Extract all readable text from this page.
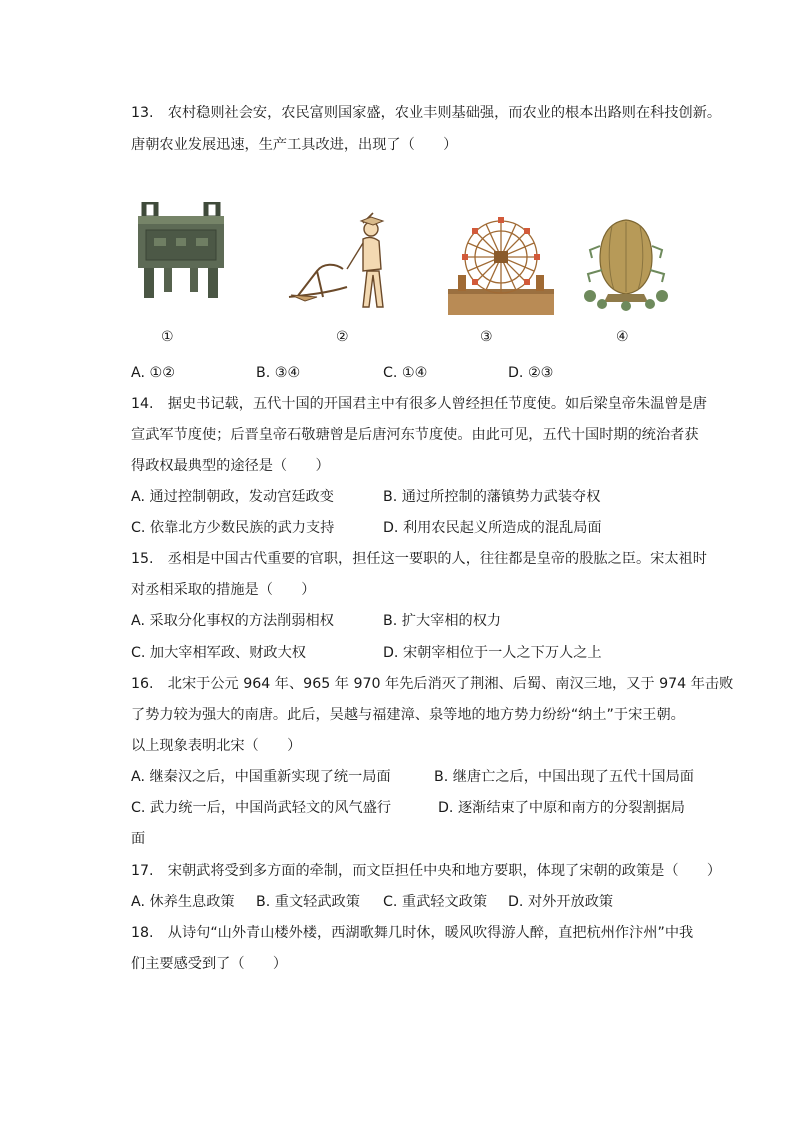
13.　农村稳则社会安，农民富则国家盛，农业丰则基础强，而农业的根本出路则在科技创新。
唐朝农业发展迅速，生产工具改进，出现了（　　）
①	②	③	④
A. ①②	B. ③④	C. ①④	D. ②③
14.　据史书记载，五代十国的开国君主中有很多人曾经担任节度使。如后梁皇帝朱温曾是唐
宣武军节度使；后晋皇帝石敬瑭曾是后唐河东节度使。由此可见，五代十国时期的统治者获
得政权最典型的途径是（　　）
A. 通过控制朝政，发动宫廷政变	B. 通过所控制的藩镇势力武装夺权
C. 依靠北方少数民族的武力支持	D. 利用农民起义所造成的混乱局面
15.　丞相是中国古代重要的官职，担任这一要职的人，往往都是皇帝的股肱之臣。宋太祖时
对丞相采取的措施是（　　）
A. 采取分化事权的方法削弱相权	B. 扩大宰相的权力
C. 加大宰相军政、财政大权	D. 宋朝宰相位于一人之下万人之上
16.　北宋于公元 964 年、965 年 970 年先后消灭了荆湘、后蜀、南汉三地，又于 974 年击败
了势力较为强大的南唐。此后，吴越与福建漳、泉等地的地方势力纷纷“纳土”于宋王朝。
以上现象表明北宋（　　）
A. 继秦汉之后，中国重新实现了统一局面	B. 继唐亡之后，中国出现了五代十国局面
C. 武力统一后，中国尚武轻文的风气盛行	D. 逐渐结束了中原和南方的分裂割据局
面
17.　宋朝武将受到多方面的牵制，而文臣担任中央和地方要职，体现了宋朝的政策是（　　）
A. 休养生息政策 B. 重文轻武政策 C. 重武轻文政策 D. 对外开放政策
18.　从诗句“山外青山楼外楼，西湖歌舞几时休，暖风吹得游人醉，直把杭州作汴州”中我
们主要感受到了（　　）
